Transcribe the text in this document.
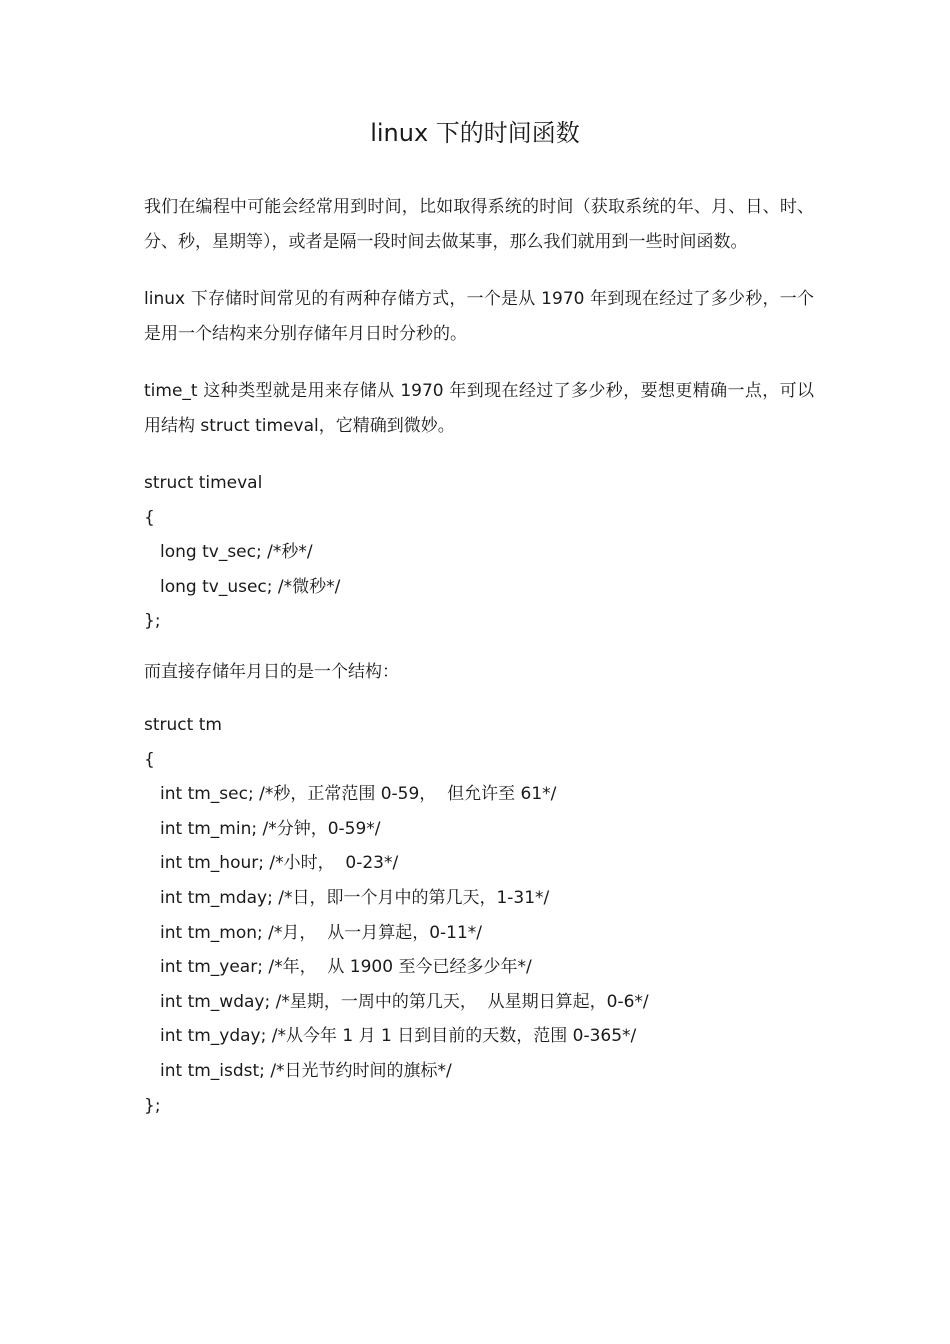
linux 下的时间函数

我们在编程中可能会经常用到时间，比如取得系统的时间（获取系统的年、月、日、时、分、秒，星期等），或者是隔一段时间去做某事，那么我们就用到一些时间函数。

linux 下存储时间常见的有两种存储方式，一个是从 1970 年到现在经过了多少秒，一个是用一个结构来分别存储年月日时分秒的。

time_t 这种类型就是用来存储从 1970 年到现在经过了多少秒，要想更精确一点，可以用结构 struct timeval，它精确到微妙。

struct timeval
{
long tv_sec; /*秒*/
long tv_usec; /*微秒*/
};

而直接存储年月日的是一个结构：

struct tm
{
int tm_sec; /*秒，正常范围 0-59，  但允许至 61*/
int tm_min; /*分钟，0-59*/
int tm_hour; /*小时，  0-23*/
int tm_mday; /*日，即一个月中的第几天，1-31*/
int tm_mon; /*月，  从一月算起，0-11*/
int tm_year; /*年，  从 1900 至今已经多少年*/
int tm_wday; /*星期，一周中的第几天，  从星期日算起，0-6*/
int tm_yday; /*从今年 1 月 1 日到目前的天数，范围 0-365*/
int tm_isdst; /*日光节约时间的旗标*/
};
